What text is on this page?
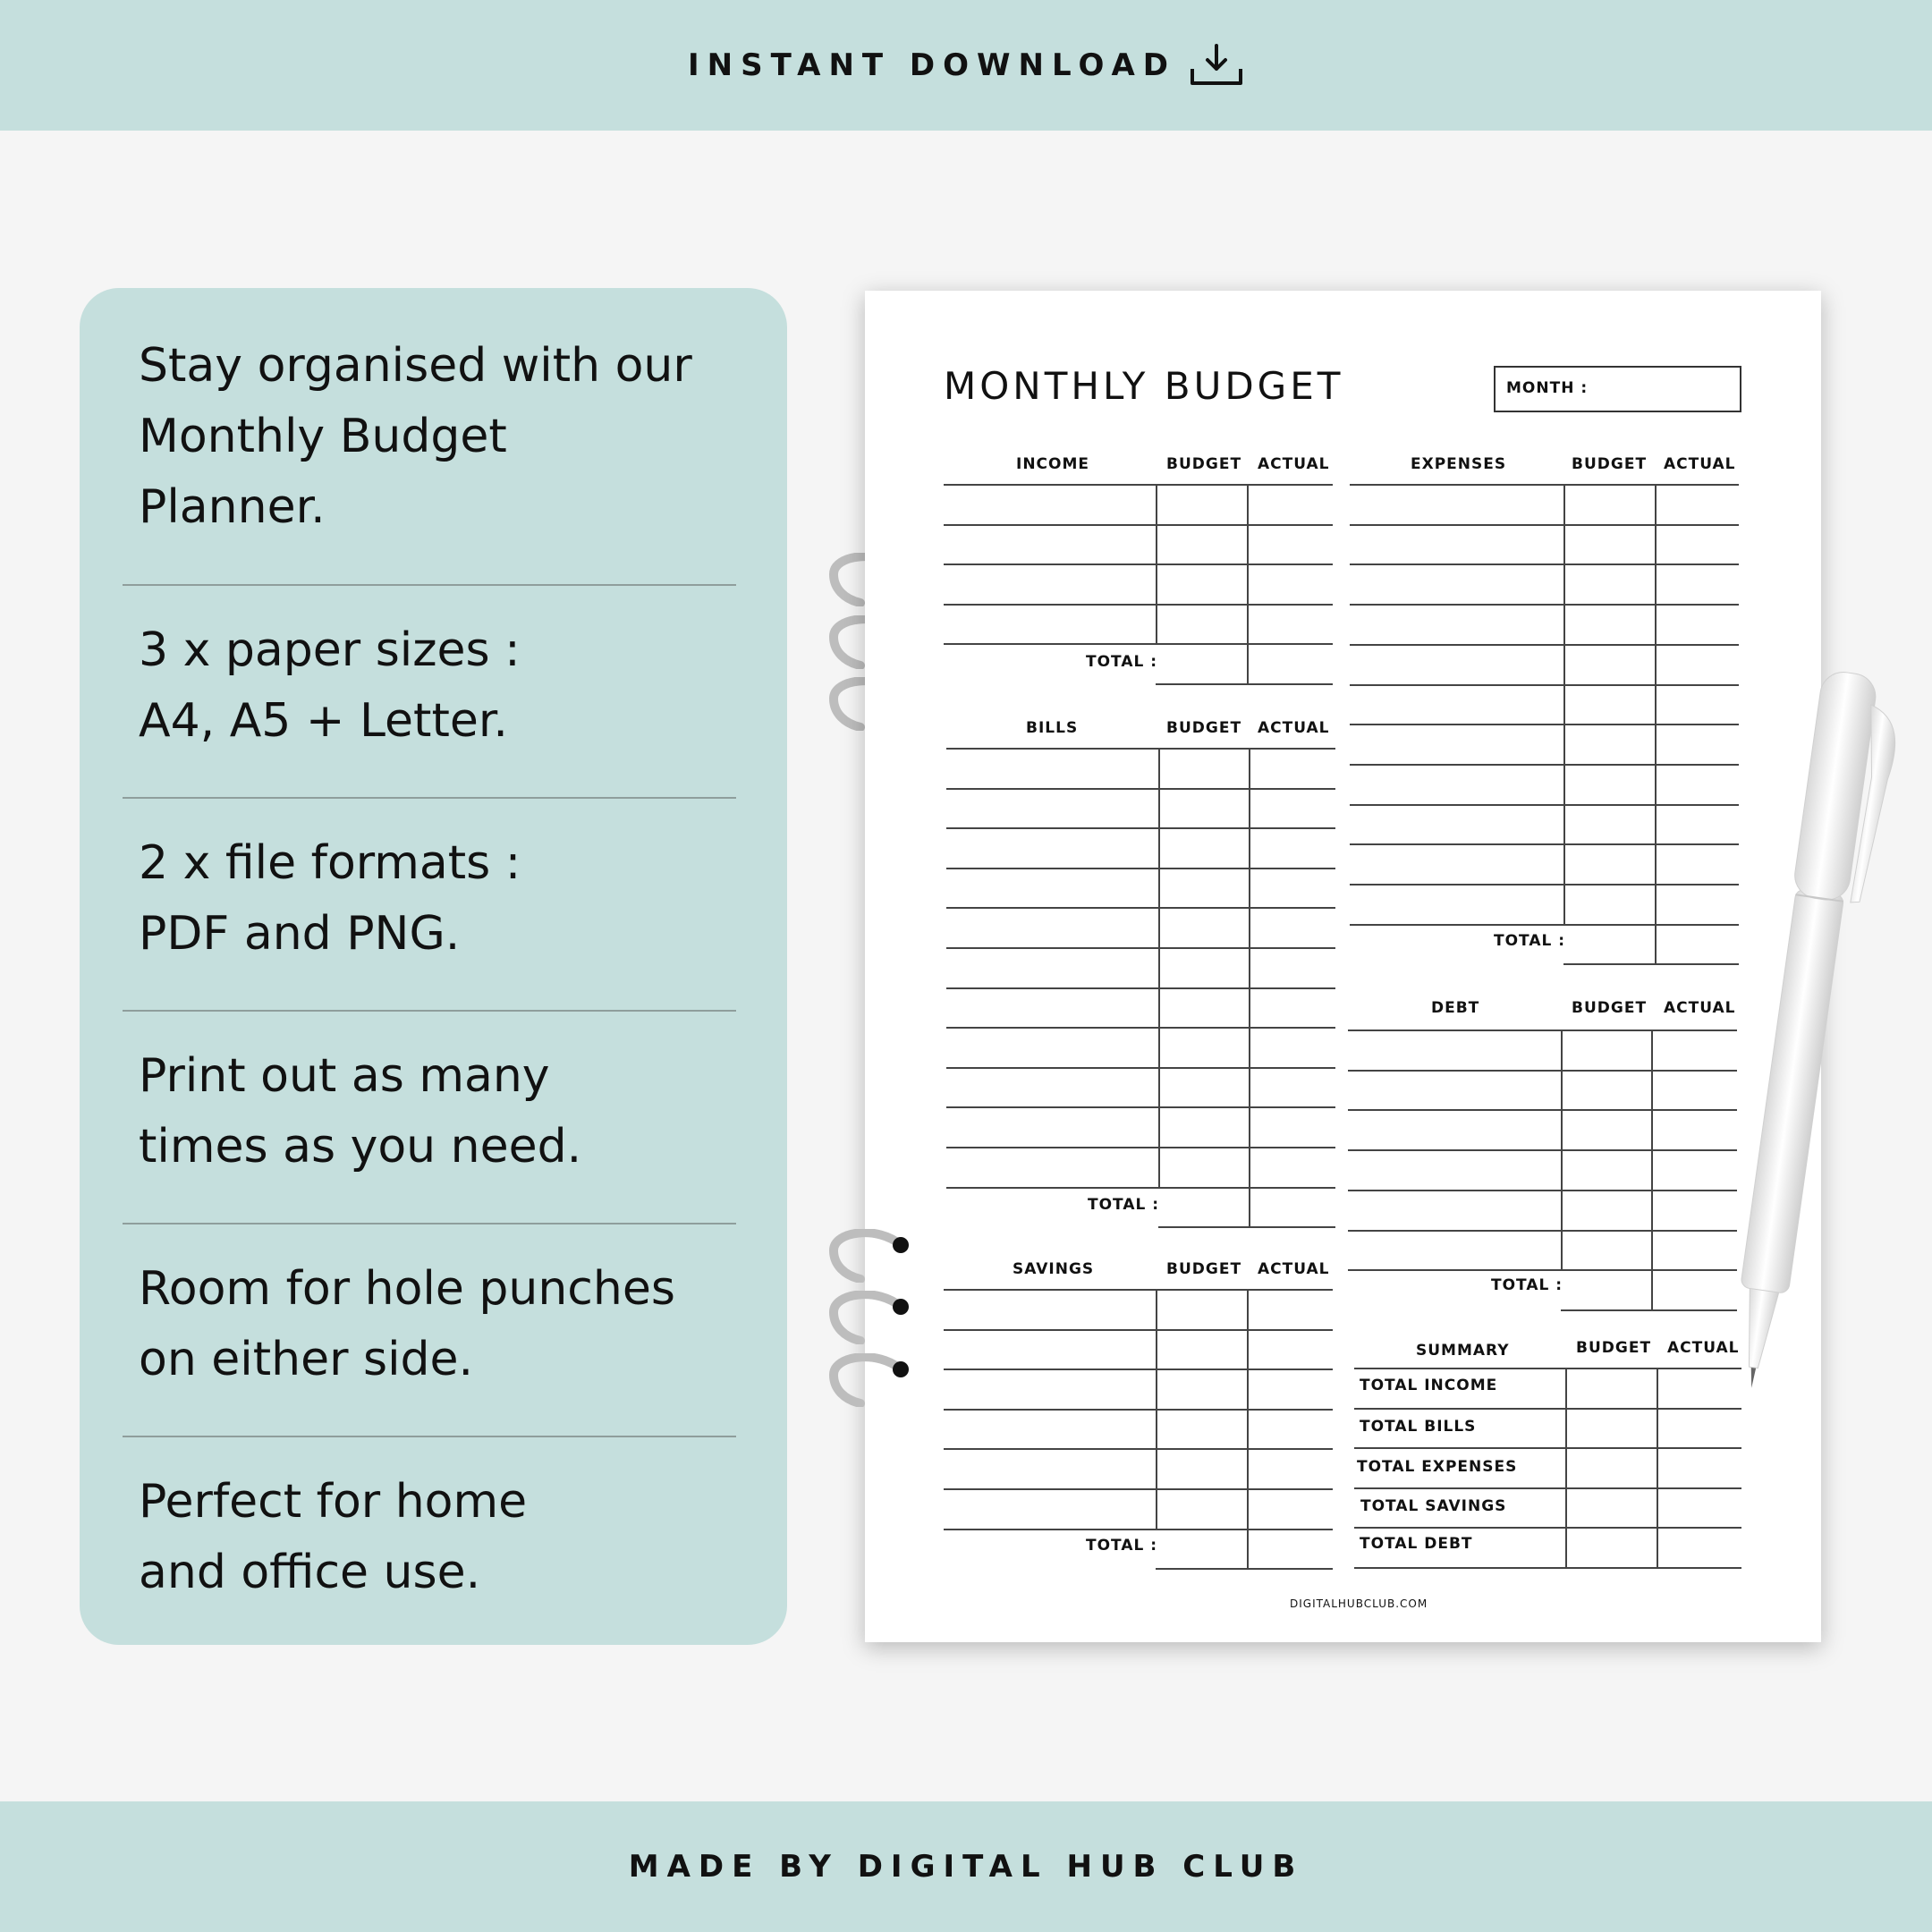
INSTANT DOWNLOAD
Stay organised with our
Monthly Budget
Planner.
3 x paper sizes :
A4, A5 + Letter.
2 x file formats :
PDF and PNG.
Print out as many
times as you need.
Room for hole punches
on either side.
Perfect for home
and office use.
MONTHLY BUDGET	MONTH :
INCOME	BUDGET ACTUAL
TOTAL :
EXPENSES	BUDGET ACTUAL
TOTAL :
BILLS	BUDGET ACTUAL
TOTAL :
DEBT	BUDGET ACTUAL
TOTAL :
SAVINGS	BUDGET ACTUAL
TOTAL :
SUMMARY	BUDGET ACTUAL
TOTAL INCOME
TOTAL BILLS
TOTAL EXPENSES
TOTAL SAVINGS
TOTAL DEBT
DIGITALHUBCLUB.COM
MADE BY DIGITAL HUB CLUB
